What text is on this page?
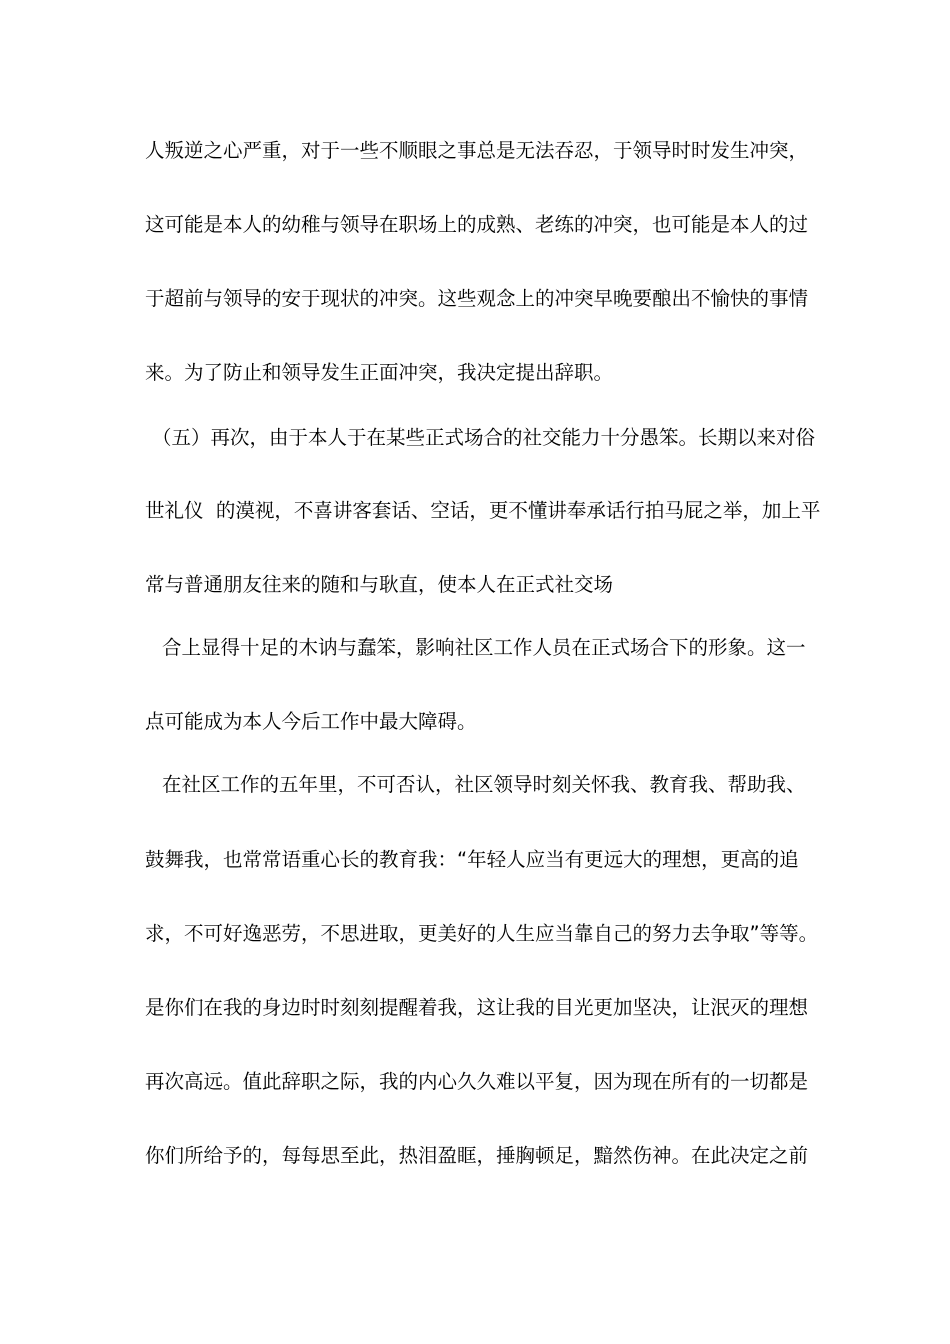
人叛逆之心严重，对于一些不顺眼之事总是无法吞忍，于领导时时发生冲突，
这可能是本人的幼稚与领导在职场上的成熟、老练的冲突，也可能是本人的过
于超前与领导的安于现状的冲突。这些观念上的冲突早晚要酿出不愉快的事情
来。为了防止和领导发生正面冲突，我决定提出辞职。
（五）再次，由于本人于在某些正式场合的社交能力十分愚笨。长期以来对俗
世礼仪  的漠视，不喜讲客套话、空话，更不懂讲奉承话行拍马屁之举，加上平
常与普通朋友往来的随和与耿直，使本人在正式社交场
合上显得十足的木讷与蠢笨，影响社区工作人员在正式场合下的形象。这一
点可能成为本人今后工作中最大障碍。
在社区工作的五年里，不可否认，社区领导时刻关怀我、教育我、帮助我、
鼓舞我，也常常语重心长的教育我：“年轻人应当有更远大的理想，更高的追
求，不可好逸恶劳，不思进取，更美好的人生应当靠自己的努力去争取”等等。
是你们在我的身边时时刻刻提醒着我，这让我的目光更加坚决，让泯灭的理想
再次高远。值此辞职之际，我的内心久久难以平复，因为现在所有的一切都是
你们所给予的，每每思至此，热泪盈眶，捶胸顿足，黯然伤神。在此决定之前
